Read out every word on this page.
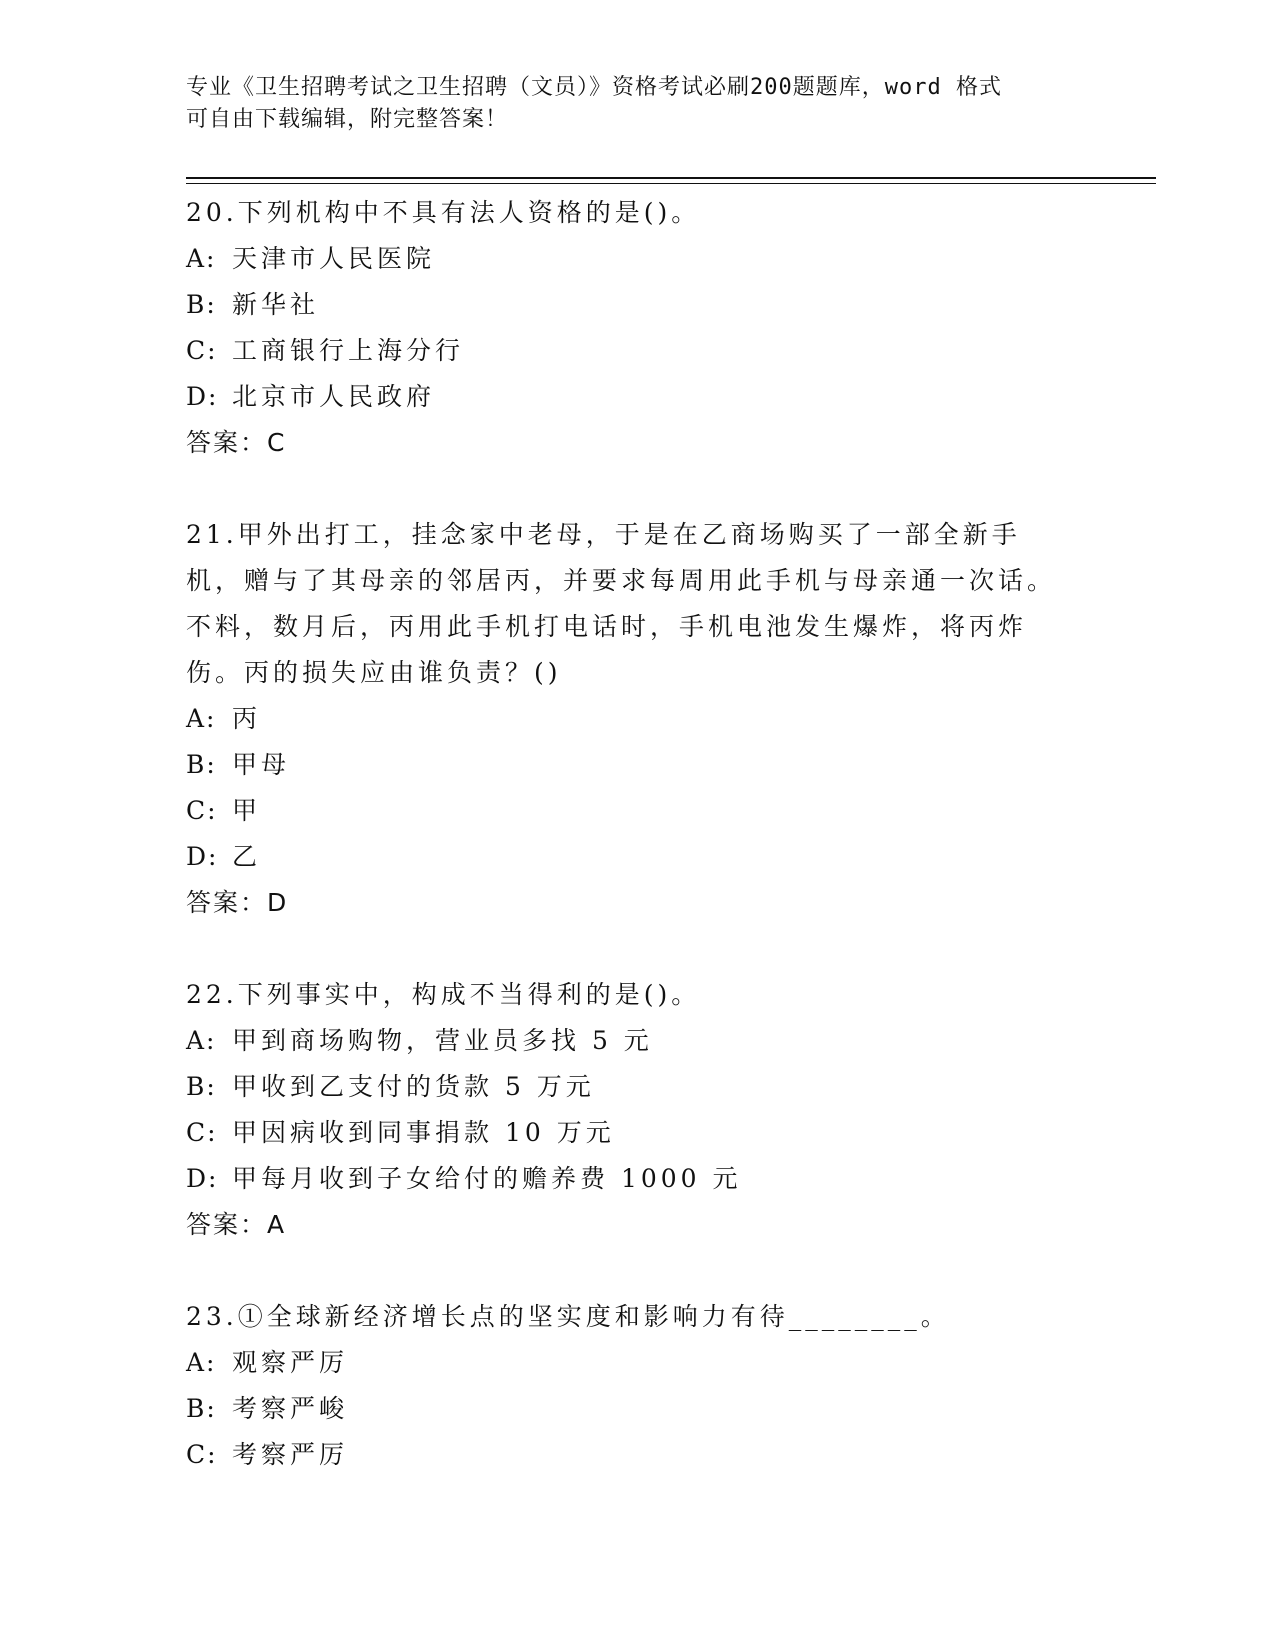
专业《卫生招聘考试之卫生招聘（文员）》资格考试必刷200题题库，word 格式
可自由下载编辑，附完整答案！

20.下列机构中不具有法人资格的是()。

A: 天津市人民医院

B: 新华社

C: 工商银行上海分行

D: 北京市人民政府

答案：C

21.甲外出打工，挂念家中老母，于是在乙商场购买了一部全新手机，赠与了其母亲的邻居丙，并要求每周用此手机与母亲通一次话。不料，数月后，丙用此手机打电话时，手机电池发生爆炸，将丙炸伤。丙的损失应由谁负责？()

A: 丙

B: 甲母

C: 甲

D: 乙

答案：D

22.下列事实中，构成不当得利的是()。

A: 甲到商场购物，营业员多找 5 元

B: 甲收到乙支付的货款 5 万元

C: 甲因病收到同事捐款 10 万元

D: 甲每月收到子女给付的赡养费 1000 元

答案：A

23.①全球新经济增长点的坚实度和影响力有待________。

A: 观察严厉

B: 考察严峻

C: 考察严厉
